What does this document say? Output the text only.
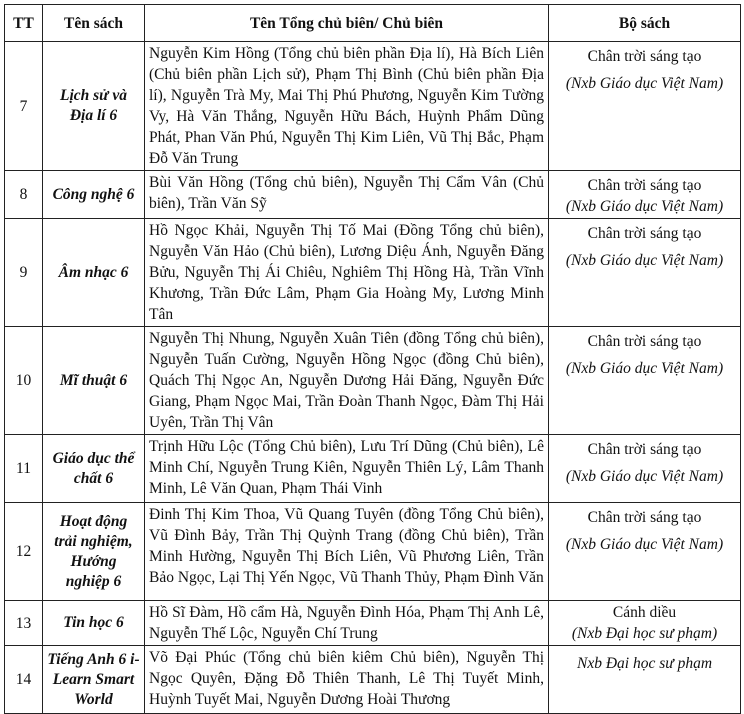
TT	Tên sách	Tên Tổng chủ biên/ Chủ biên	Bộ sách
7	Lịch sử và Địa lí 6	Nguyễn Kim Hồng (Tổng chủ biên phần Địa lí), Hà Bích Liên (Chủ biên phần Lịch sử), Phạm Thị Bình (Chủ biên phần Địa lí), Nguyễn Trà My, Mai Thị Phú Phương, Nguyễn Kim Tường Vy, Hà Văn Thắng, Nguyễn Hữu Bách, Huỳnh Phẩm Dũng Phát, Phan Văn Phú, Nguyễn Thị Kim Liên, Vũ Thị Bắc, Phạm Đỗ Văn Trung	Chân trời sáng tạo
(Nxb Giáo dục Việt Nam)

8	Công nghệ 6	Bùi Văn Hồng (Tổng chủ biên), Nguyễn Thị Cẩm Vân (Chủ biên), Trần Văn Sỹ	Chân trời sáng tạo
(Nxb Giáo dục Việt Nam)

9	Âm nhạc 6	Hồ Ngọc Khải, Nguyễn Thị Tố Mai (Đồng Tổng chủ biên), Nguyễn Văn Hảo (Chủ biên), Lương Diệu Ánh, Nguyễn Đăng Bửu, Nguyễn Thị Ái Chiêu, Nghiêm Thị Hồng Hà, Trần Vĩnh Khương, Trần Đức Lâm, Phạm Gia Hoàng My, Lương Minh Tân	Chân trời sáng tạo
(Nxb Giáo dục Việt Nam)

10	Mĩ thuật 6	Nguyễn Thị Nhung, Nguyễn Xuân Tiên (đồng Tổng chủ biên), Nguyễn Tuấn Cường, Nguyễn Hồng Ngọc (đồng Chủ biên), Quách Thị Ngọc An, Nguyễn Dương Hải Đăng, Nguyễn Đức Giang, Phạm Ngọc Mai, Trần Đoàn Thanh Ngọc, Đàm Thị Hải Uyên, Trần Thị Vân	Chân trời sáng tạo
(Nxb Giáo dục Việt Nam)

11	Giáo dục thể chất 6	Trịnh Hữu Lộc (Tổng Chủ biên), Lưu Trí Dũng (Chủ biên), Lê Minh Chí, Nguyễn Trung Kiên, Nguyễn Thiên Lý, Lâm Thanh Minh, Lê Văn Quan, Phạm Thái Vinh	Chân trời sáng tạo
(Nxb Giáo dục Việt Nam)

12	Hoạt động trải nghiệm, Hướng nghiệp 6	Đinh Thị Kim Thoa, Vũ Quang Tuyên (đồng Tổng Chủ biên), Vũ Đình Bảy, Trần Thị Quỳnh Trang (đồng Chủ biên), Trần Minh Hường, Nguyễn Thị Bích Liên, Vũ Phương Liên, Trần Bảo Ngọc, Lại Thị Yến Ngọc, Vũ Thanh Thủy, Phạm Đình Văn	Chân trời sáng tạo
(Nxb Giáo dục Việt Nam)

13	Tin học 6	Hồ Sĩ Đàm, Hồ cẩm Hà, Nguyễn Đình Hóa, Phạm Thị Anh Lê, Nguyễn Thế Lộc, Nguyễn Chí Trung	Cánh diều
(Nxb Đại học sư phạm)

14	Tiếng Anh 6 i-Learn Smart World	Võ Đại Phúc (Tổng chủ biên kiêm Chủ biên), Nguyễn Thị Ngọc Quyên, Đặng Đỗ Thiên Thanh, Lê Thị Tuyết Minh, Huỳnh Tuyết Mai, Nguyễn Dương Hoài Thương	Nxb Đại học sư phạm
